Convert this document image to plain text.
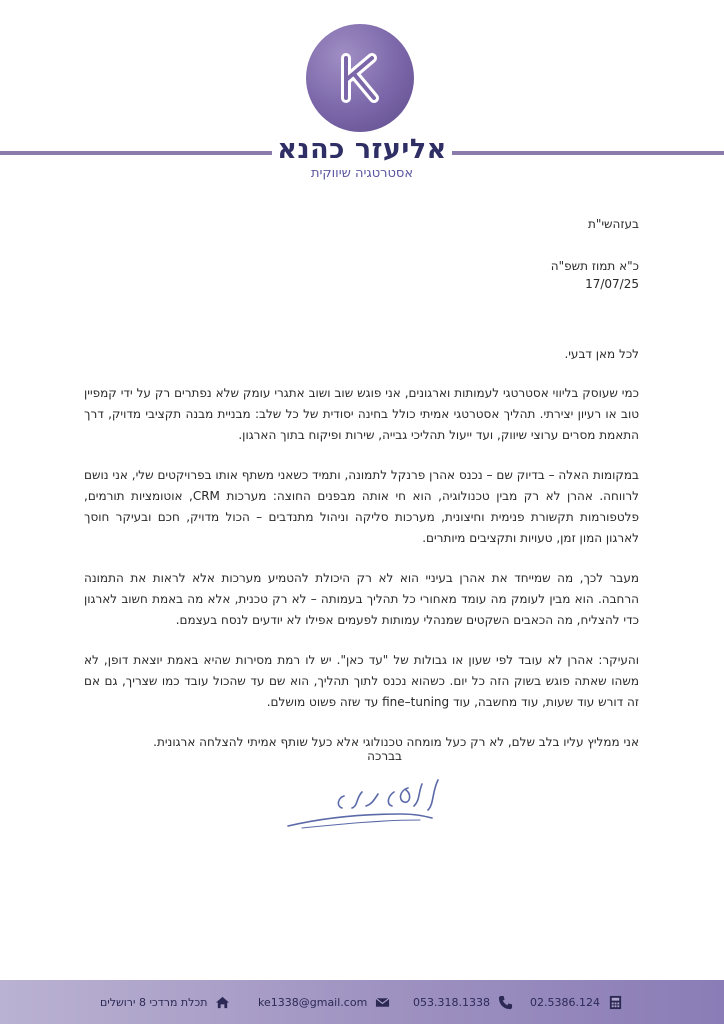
אליעזר כהנא
אסטרטגיה שיווקית
בעזהשי"ת
כ"א תמוז תשפ"ה
17/07/25
לכל מאן דבעי.

כמי שעוסק בליווי אסטרטגי לעמותות וארגונים, אני פוגש שוב ושוב אתגרי עומק שלא נפתרים רק על ידי קמפיין טוב או רעיון יצירתי. תהליך אסטרטגי אמיתי כולל בחינה יסודית של כל שלב: מבניית מבנה תקציבי מדויק, דרך התאמת מסרים ערוצי שיווק, ועד ייעול תהליכי גבייה, שירות ופיקוח בתוך הארגון.

במקומות האלה – בדיוק שם – נכנס אהרן פרנקל לתמונה, ותמיד כשאני משתף אותו בפרויקטים שלי, אני נושם לרווחה. אהרן לא רק מבין טכנולוגיה, הוא חי אותה מבפנים החוצה: מערכות CRM, אוטומציות תורמים, פלטפורמות תקשורת פנימית וחיצונית, מערכות סליקה וניהול מתנדבים – הכול מדויק, חכם ובעיקר חוסך לארגון המון זמן, טעויות ותקציבים מיותרים.

מעבר לכך, מה שמייחד את אהרן בעיניי הוא לא רק היכולת להטמיע מערכות אלא לראות את התמונה הרחבה. הוא מבין לעומק מה עומד מאחורי כל תהליך בעמותה – לא רק טכנית, אלא מה באמת חשוב לארגון כדי להצליח, מה הכאבים השקטים שמנהלי עמותות לפעמים אפילו לא יודעים לנסח בעצמם.

והעיקר: אהרן לא עובד לפי שעון או גבולות של "עד כאן". יש לו רמת מסירות שהיא באמת יוצאת דופן, לא משהו שאתה פוגש בשוק הזה כל יום. כשהוא נכנס לתוך תהליך, הוא שם עד שהכול עובד כמו שצריך, גם אם זה דורש עוד שעות, עוד מחשבה, עוד fine–tuning עד שזה פשוט מושלם.

אני ממליץ עליו בלב שלם, לא רק כעל מומחה טכנולוגי אלא כעל שותף אמיתי להצלחה ארגונית.

בברכה
תכלת מרדכי 8 ירושלים	ke1338@gmail.com	053.318.1338	02.5386.124
